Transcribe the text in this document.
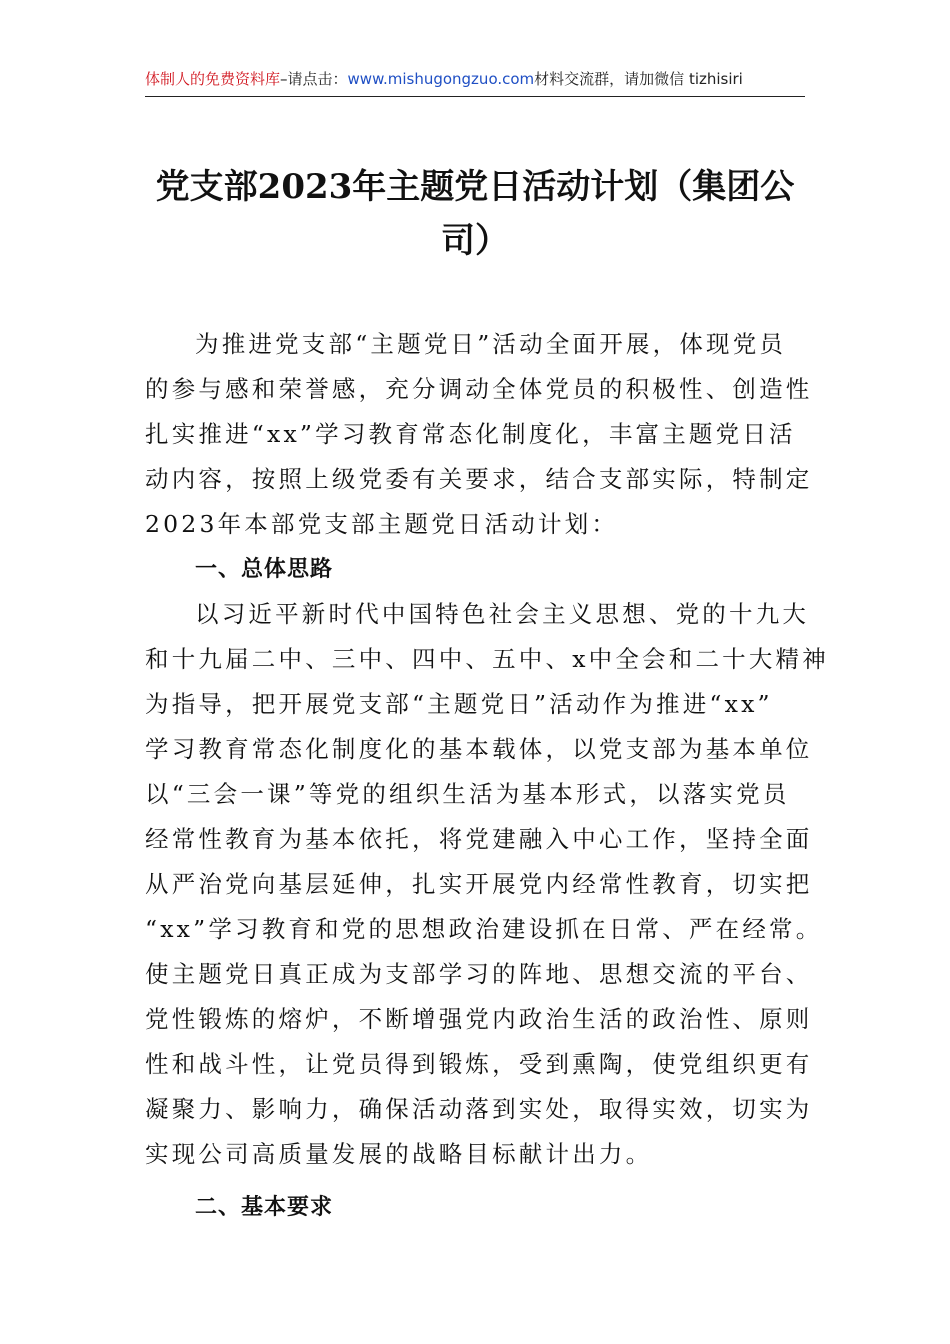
体制人的免费资料库–请点击：www.mishugongzuo.com材料交流群，请加微信 tizhisiri
党支部2023年主题党日活动计划（集团公
司）
为推进党支部“主题党日”活动全面开展，体现党员
的参与感和荣誉感，充分调动全体党员的积极性、创造性
扎实推进“xx”学习教育常态化制度化，丰富主题党日活
动内容，按照上级党委有关要求，结合支部实际，特制定
2023年本部党支部主题党日活动计划：
一、总体思路
以习近平新时代中国特色社会主义思想、党的十九大
和十九届二中、三中、四中、五中、x中全会和二十大精神
为指导，把开展党支部“主题党日”活动作为推进“xx”
学习教育常态化制度化的基本载体，以党支部为基本单位
以“三会一课”等党的组织生活为基本形式，以落实党员
经常性教育为基本依托，将党建融入中心工作，坚持全面
从严治党向基层延伸，扎实开展党内经常性教育，切实把
“xx”学习教育和党的思想政治建设抓在日常、严在经常。
使主题党日真正成为支部学习的阵地、思想交流的平台、
党性锻炼的熔炉，不断增强党内政治生活的政治性、原则
性和战斗性，让党员得到锻炼，受到熏陶，使党组织更有
凝聚力、影响力，确保活动落到实处，取得实效，切实为
实现公司高质量发展的战略目标献计出力。
二、基本要求
